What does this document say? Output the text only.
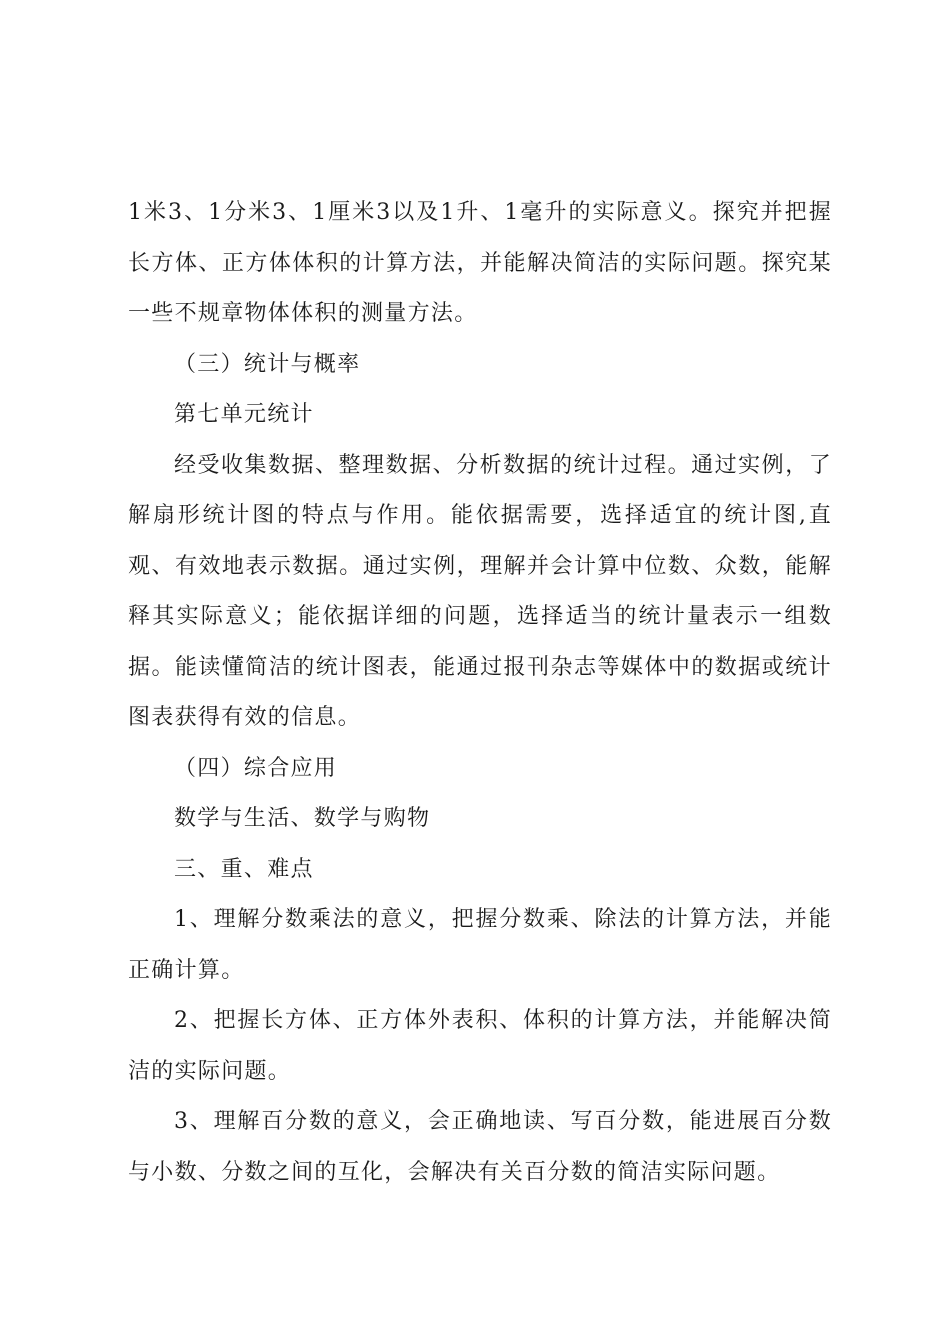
1米3、1分米3、1厘米3以及1升、1毫升的实际意义。探究并把握长方体、正方体体积的计算方法，并能解决简洁的实际问题。探究某一些不规章物体体积的测量方法。

（三）统计与概率

第七单元统计

经受收集数据、整理数据、分析数据的统计过程。通过实例，了解扇形统计图的特点与作用。能依据需要，选择适宜的统计图,直观、有效地表示数据。通过实例，理解并会计算中位数、众数，能解释其实际意义；能依据详细的问题，选择适当的统计量表示一组数据。能读懂简洁的统计图表，能通过报刊杂志等媒体中的数据或统计图表获得有效的信息。

（四）综合应用

数学与生活、数学与购物

三、重、难点

1、理解分数乘法的意义，把握分数乘、除法的计算方法，并能正确计算。

2、把握长方体、正方体外表积、体积的计算方法，并能解决简洁的实际问题。

3、理解百分数的意义，会正确地读、写百分数，能进展百分数与小数、分数之间的互化，会解决有关百分数的简洁实际问题。
